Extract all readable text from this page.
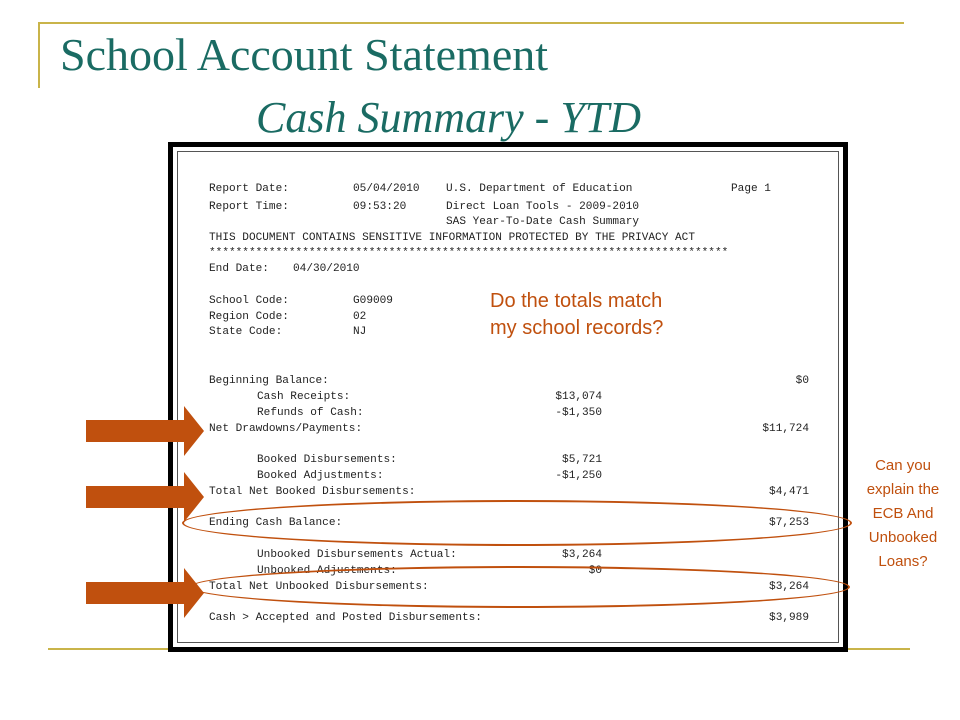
School Account Statement
Cash Summary - YTD
Report Date:	05/04/2010 U.S. Department of Education	Page 1
Report Time:	09:53:20	Direct Loan Tools - 2009-2010
SAS Year-To-Date Cash Summary
THIS DOCUMENT CONTAINS SENSITIVE INFORMATION PROTECTED BY THE PRIVACY ACT
******************************************************************************
End Date: 04/30/2010
School Code:	G09009
Region Code:	02
State Code:	NJ
Beginning Balance:	$0
Cash Receipts:	$13,074
Refunds of Cash:	-$1,350
Net Drawdowns/Payments:	$11,724
Booked Disbursements:	$5,721
Booked Adjustments:	-$1,250
Total Net Booked Disbursements:	$4,471
Ending Cash Balance:	$7,253
Unbooked Disbursements Actual:	$3,264
Unbooked Adjustments:	$0
Total Net Unbooked Disbursements:	$3,264
Cash > Accepted and Posted Disbursements:	$3,989
Do the totals match
my school records?
Can you
explain the
ECB And
Unbooked
Loans?
